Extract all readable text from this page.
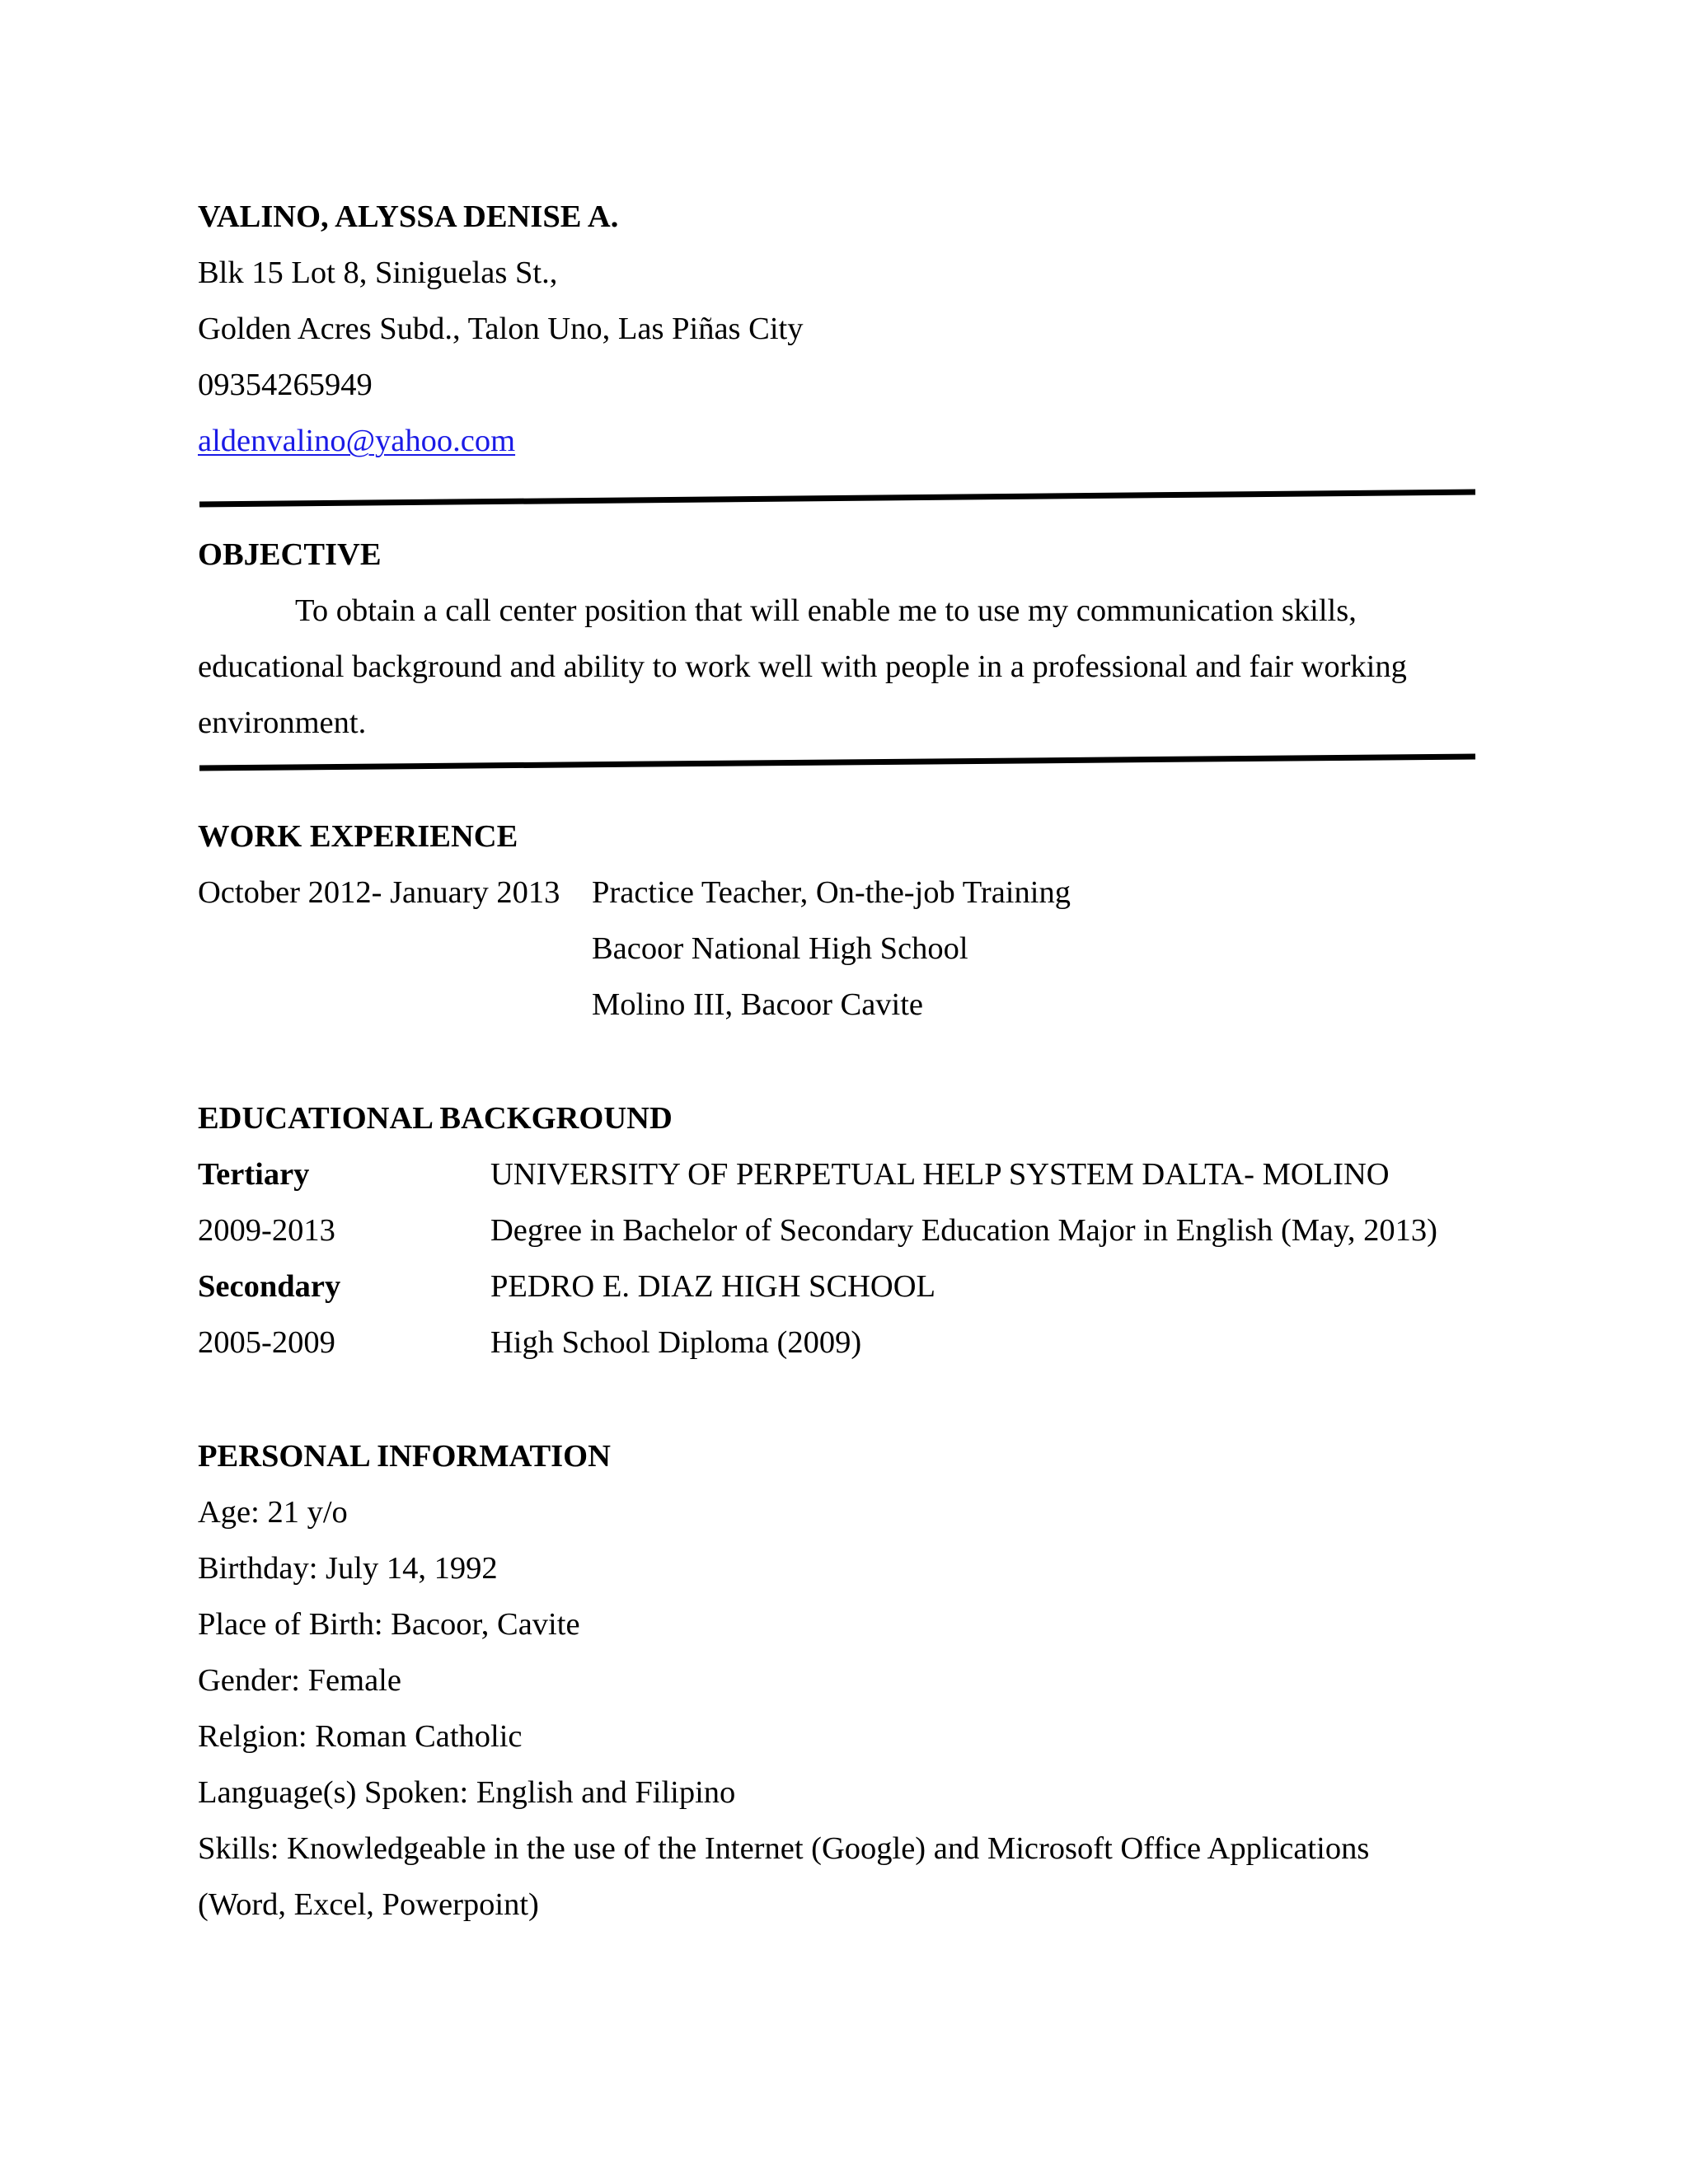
VALINO, ALYSSA DENISE A.
Blk 15 Lot 8, Siniguelas St.,
Golden Acres Subd., Talon Uno, Las Piñas City
09354265949
aldenvalino@yahoo.com
OBJECTIVE
To obtain a call center position that will enable me to use my communication skills,
educational background and ability to work well with people in a professional and fair working
environment.
WORK EXPERIENCE
October 2012- January 2013 Practice Teacher, On-the-job Training
Bacoor National High School
Molino III, Bacoor Cavite
EDUCATIONAL BACKGROUND
Tertiary	UNIVERSITY OF PERPETUAL HELP SYSTEM DALTA- MOLINO
2009-2013	Degree in Bachelor of Secondary Education Major in English (May, 2013)
Secondary	PEDRO E. DIAZ HIGH SCHOOL
2005-2009	High School Diploma (2009)
PERSONAL INFORMATION
Age: 21 y/o
Birthday: July 14, 1992
Place of Birth: Bacoor, Cavite
Gender: Female
Relgion: Roman Catholic
Language(s) Spoken: English and Filipino
Skills: Knowledgeable in the use of the Internet (Google) and Microsoft Office Applications
(Word, Excel, Powerpoint)
